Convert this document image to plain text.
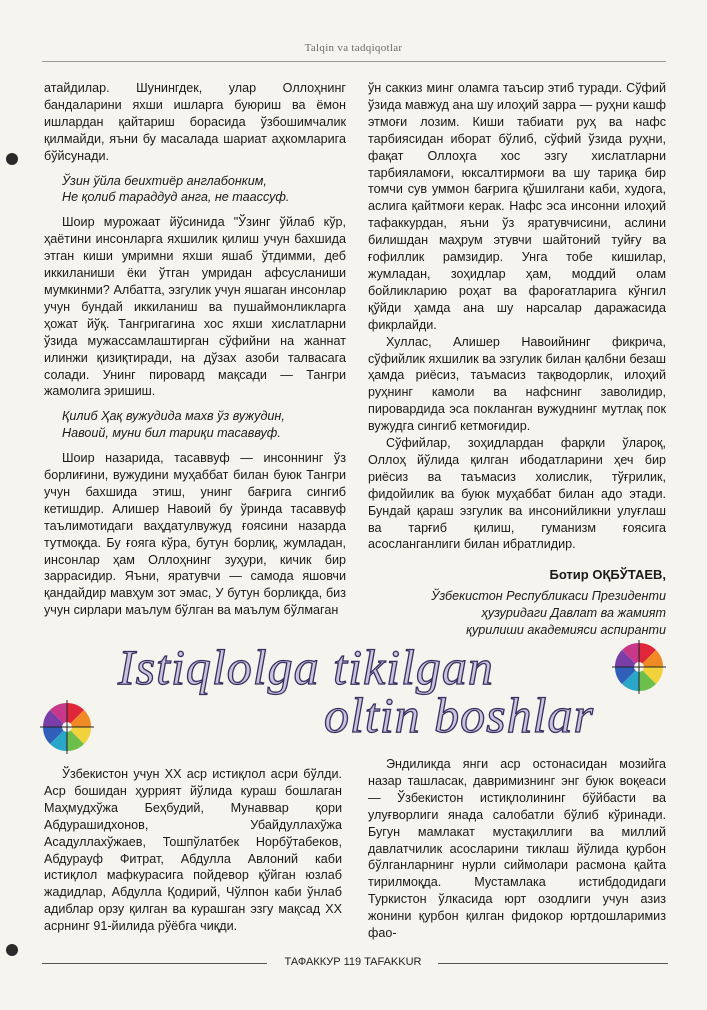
Talqin va tadqiqotlar

атайдилар. Шунингдек, улар Оллоҳнинг бандаларини яхши ишларга буюриш ва ёмон ишлардан қайтариш борасида ўзбошимчалик қилмайди, яъни бу масалада шариат аҳкомларига бўйсунади.

Ўзин ўйла беихтиёр англабонким,
Не қолиб тараддуд анга, не таассуф.

Шоир мурожаат йўсинида "Ўзинг ўйлаб кўр, ҳаётини инсонларга яхшилик қилиш учун бахшида этган киши умримни яхши яшаб ўтдимми, деб иккиланиши ёки ўтган умридан афсусланиши мумкинми? Албатта, эзгулик учун яшаган инсонлар учун бундай иккиланиш ва пушаймонликларга ҳожат йўқ. Тангригагина хос яхши хислатларни ўзида мужассамлаштирган сўфийни на жаннат илинжи қизиқтиради, на дўзах азоби талвасага солади. Унинг пировард мақсади — Тангри жамолига эришиш.

Қилиб Ҳақ вужудида махв ўз вужудин,
Навоий, муни бил тариқи тасаввуф.

Шоир назарида, тасаввуф — инсоннинг ўз борлиғини, вужудини муҳаббат билан буюк Тангри учун бахшида этиш, унинг бағрига сингиб кетишдир. Алишер Навоий бу ўринда тасаввуф таълимотидаги ваҳдатулвужуд ғоясини назарда тутмоқда. Бу ғояга кўра, бутун борлиқ, жумладан, инсонлар ҳам Оллоҳнинг зуҳури, кичик бир заррасидир. Яъни, яратувчи — самода яшовчи қандайдир мавҳум зот эмас, У бутун борлиқда, биз учун сирлари маълум бўлган ва маълум бўлмаган

ўн саккиз минг оламга таъсир этиб туради. Сўфий ўзида мавжуд ана шу илоҳий зарра — руҳни кашф этмоғи лозим. Киши табиати руҳ ва нафс тарбиясидан иборат бўлиб, сўфий ўзида руҳни, фақат Оллоҳга хос эзгу хислатларни тарбияламоғи, юксалтирмоғи ва шу тариқа бир томчи сув уммон бағрига қўшилгани каби, худога, аслига қайтмоғи керак. Нафс эса инсонни илоҳий тафаккурдан, яъни ўз яратувчисини, аслини билишдан маҳрум этувчи шайтоний туйғу ва ғофиллик рамзидир. Унга тобе кишилар, жумладан, зоҳидлар ҳам, моддий олам бойликларию роҳат ва фароғатларига кўнгил қўйди ҳамда ана шу нарсалар даражасида фикрлайди.

Хуллас, Алишер Навоийнинг фикрича, сўфийлик яхшилик ва эзгулик билан қалбни безаш ҳамда риёсиз, таъмасиз тақводорлик, илоҳий руҳнинг камоли ва нафснинг заволидир, пировардида эса покланган вужуднинг мутлақ пок вужудга сингиб кетмоғидир.

Сўфийлар, зоҳидлардан фарқли ўлароқ, Оллоҳ йўлида қилган ибодатларини ҳеч бир риёсиз ва таъмасиз холислик, тўғрилик, фидойилик ва буюк муҳаббат билан адо этади. Бундай қараш эзгулик ва инсонийликни улуғлаш ва тарғиб қилиш, гуманизм ғоясига асосланганлиги билан ибратлидир.

Ботир ОҚБЎТАЕВ,
Ўзбекистон Республикаси Президенти
ҳузуридаги Давлат ва жамият
қурилиши академияси аспиранти
Istiqlolga tikilgan
oltin boshlar

Ўзбекистон учун XX аср истиқлол асри бўлди. Аср бошидан ҳуррият йўлида кураш бошлаган Маҳмудхўжа Беҳбудий, Мунаввар қори Абдурашидхонов, Убайдуллахўжа Асадуллахўжаев, Тошпўлатбек Норбўтабеков, Абдурауф Фитрат, Абдулла Авлоний каби истиқлол мафкурасига пойдевор қўйган юзлаб жадидлар, Абдулла Қодирий, Чўлпон каби ўнлаб адиблар орзу қилган ва курашган эзгу мақсад XX асрнинг 91-йилида рўёбга чиқди.

Эндиликда янги аср остонасидан мозийга назар ташласак, давримизнинг энг буюк воқеаси — Ўзбекистон истиқлолининг бўйбасти ва улуғворлиги янада салобатли бўлиб кўринади. Бугун мамлакат мустақиллиги ва миллий давлатчилик асосларини тиклаш йўлида қурбон бўлганларнинг нурли сиймолари расмона қайта тирилмоқда. Мустамлака истибдодидаги Туркистон ўлкасида юрт озодлиги учун азиз жонини қурбон қилган фидокор юртдошларимиз фао-

ТАФАККУР 119 TAFAKKUR
